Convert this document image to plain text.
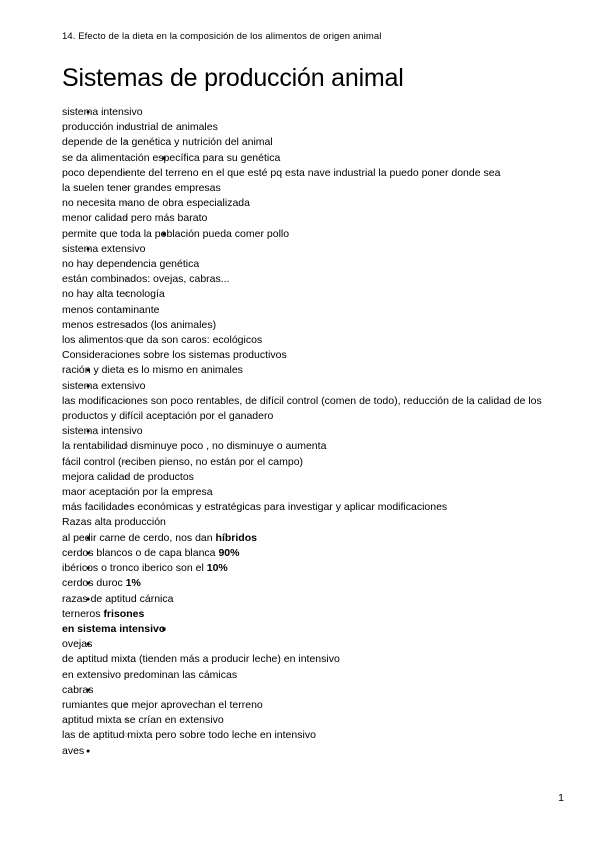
14. Efecto de la dieta en la composición de los alimentos de origen animal
Sistemas de producción animal
● sistema intensivo
○ producción industrial de animales
○ depende de la genética y nutrición del animal
■ se da alimentación específica para su genética
○ poco dependiente del terreno en el que esté pq esta nave industrial la puedo poner donde sea
○ la suelen tener grandes empresas
○ no necesita mano de obra especializada
○ menor calidad pero más barato
■ permite que toda la población pueda comer pollo
● sistema extensivo
○ no hay dependencia genética
○ están combinados: ovejas, cabras...
○ no hay alta tecnología
○ menos contaminante
○ menos estresados (los animales)
○ los alimentos que da son caros: ecológicos
Consideraciones sobre los sistemas productivos
● ración y dieta es lo mismo en animales
● sistema extensivo
○ las modificaciones son poco rentables, de difícil control (comen de todo), reducción de la calidad de los productos y difícil aceptación por el ganadero
● sistema intensivo
○ la rentabilidad disminuye poco , no disminuye o aumenta
○ fácil control (reciben pienso, no están por el campo)
○ mejora calidad de productos
○ maor aceptación por la empresa
○ más facilidades económicas y estratégicas para investigar y aplicar modificaciones
Razas alta producción
● al pedir carne de cerdo, nos dan híbridos
● cerdos blancos o de capa blanca 90%
● ibéricos o tronco iberico son el 10%
● cerdos duroc 1%
● razas de aptitud cárnica
○ terneros frisones
■ en sistema intensivo
● ovejas
○ de aptitud mixta (tienden más a producir leche) en intensivo
○ en extensivo predominan las cámicas
● cabras
○ rumiantes que mejor aprovechan el terreno
○ aptitud mixta se crían en extensivo
○ las de aptitud mixta pero sobre todo leche en intensivo
● aves
1
